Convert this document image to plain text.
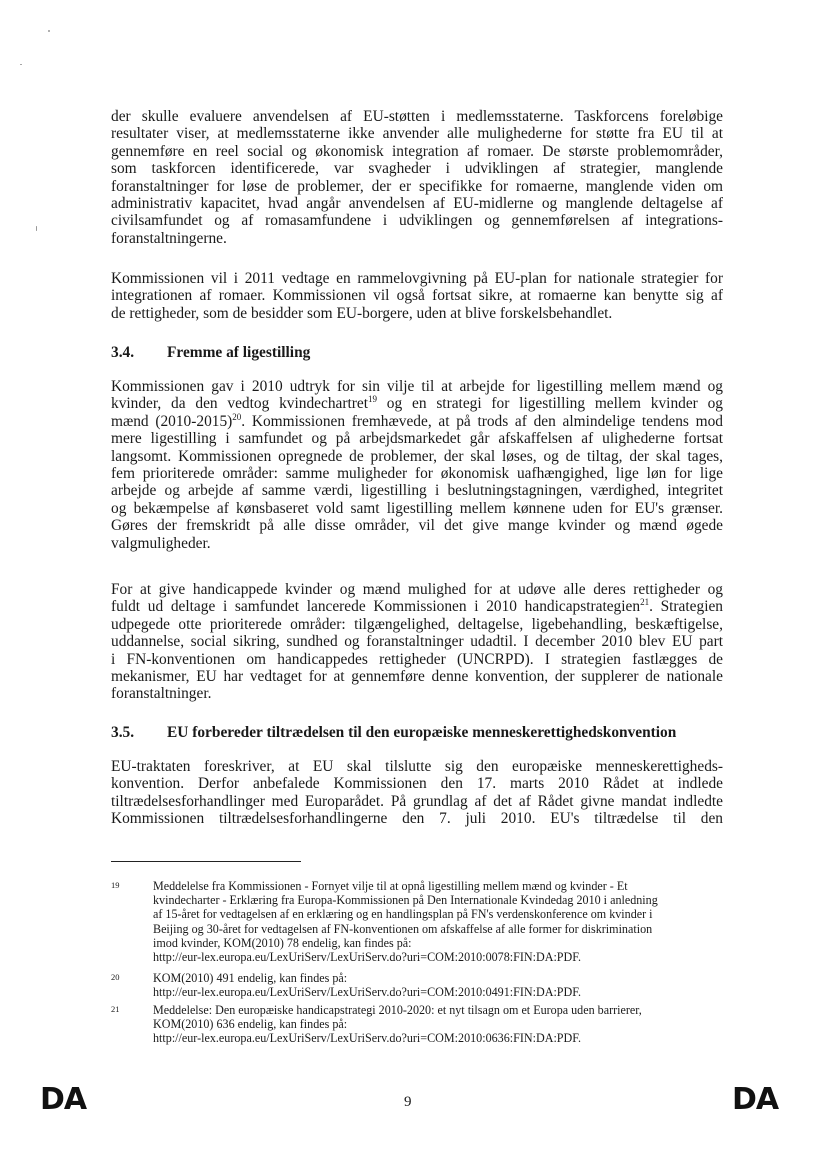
der skulle evaluere anvendelsen af EU-støtten i medlemsstaterne. Taskforcens foreløbige
resultater viser, at medlemsstaterne ikke anvender alle mulighederne for støtte fra EU til at
gennemføre en reel social og økonomisk integration af romaer. De største problemområder,
som taskforcen identificerede, var svagheder i udviklingen af strategier, manglende
foranstaltninger for løse de problemer, der er specifikke for romaerne, manglende viden om
administrativ kapacitet, hvad angår anvendelsen af EU-midlerne og manglende deltagelse af
civilsamfundet og af romasamfundene i udviklingen og gennemførelsen af integrations-
foranstaltningerne.
Kommissionen vil i 2011 vedtage en rammelovgivning på EU-plan for nationale strategier for
integrationen af romaer. Kommissionen vil også fortsat sikre, at romaerne kan benytte sig af
de rettigheder, som de besidder som EU-borgere, uden at blive forskelsbehandlet.
3.4. Fremme af ligestilling
Kommissionen gav i 2010 udtryk for sin vilje til at arbejde for ligestilling mellem mænd og
kvinder, da den vedtog kvindechartret$^{19}$ og en strategi for ligestilling mellem kvinder og
mænd (2010-2015)$^{20}$. Kommissionen fremhævede, at på trods af den almindelige tendens mod
mere ligestilling i samfundet og på arbejdsmarkedet går afskaffelsen af ulighederne fortsat
langsomt. Kommissionen opregnede de problemer, der skal løses, og de tiltag, der skal tages,
fem prioriterede områder: samme muligheder for økonomisk uafhængighed, lige løn for lige
arbejde og arbejde af samme værdi, ligestilling i beslutningstagningen, værdighed, integritet
og bekæmpelse af kønsbaseret vold samt ligestilling mellem kønnene uden for EU's grænser.
Gøres der fremskridt på alle disse områder, vil det give mange kvinder og mænd øgede
valgmuligheder.
For at give handicappede kvinder og mænd mulighed for at udøve alle deres rettigheder og
fuldt ud deltage i samfundet lancerede Kommissionen i 2010 handicapstrategien$^{21}$. Strategien
udpegede otte prioriterede områder: tilgængelighed, deltagelse, ligebehandling, beskæftigelse,
uddannelse, social sikring, sundhed og foranstaltninger udadtil. I december 2010 blev EU part
i FN-konventionen om handicappedes rettigheder (UNCRPD). I strategien fastlægges de
mekanismer, EU har vedtaget for at gennemføre denne konvention, der supplerer de nationale
foranstaltninger.
3.5. EU forbereder tiltrædelsen til den europæiske menneskerettighedskonvention
EU-traktaten foreskriver, at EU skal tilslutte sig den europæiske menneskerettigheds-
konvention. Derfor anbefalede Kommissionen den 17. marts 2010 Rådet at indlede
tiltrædelsesforhandlinger med Europarådet. På grundlag af det af Rådet givne mandat indledte
Kommissionen tiltrædelsesforhandlingerne den 7. juli 2010. EU's tiltrædelse til den
19	Meddelelse fra Kommissionen - Fornyet vilje til at opnå ligestilling mellem mænd og kvinder - Et
kvindecharter - Erklæring fra Europa-Kommissionen på Den Internationale Kvindedag 2010 i anledning
af 15-året for vedtagelsen af en erklæring og en handlingsplan på FN's verdenskonference om kvinder i
Beijing og 30-året for vedtagelsen af FN-konventionen om afskaffelse af alle former for diskrimination
imod kvinder, KOM(2010) 78 endelig, kan findes på:
http://eur-lex.europa.eu/LexUriServ/LexUriServ.do?uri=COM:2010:0078:FIN:DA:PDF.
20	KOM(2010) 491 endelig, kan findes på:
http://eur-lex.europa.eu/LexUriServ/LexUriServ.do?uri=COM:2010:0491:FIN:DA:PDF.
21	Meddelelse: Den europæiske handicapstrategi 2010-2020: et nyt tilsagn om et Europa uden barrierer,
KOM(2010) 636 endelig, kan findes på:
http://eur-lex.europa.eu/LexUriServ/LexUriServ.do?uri=COM:2010:0636:FIN:DA:PDF.
DA	9	DA
